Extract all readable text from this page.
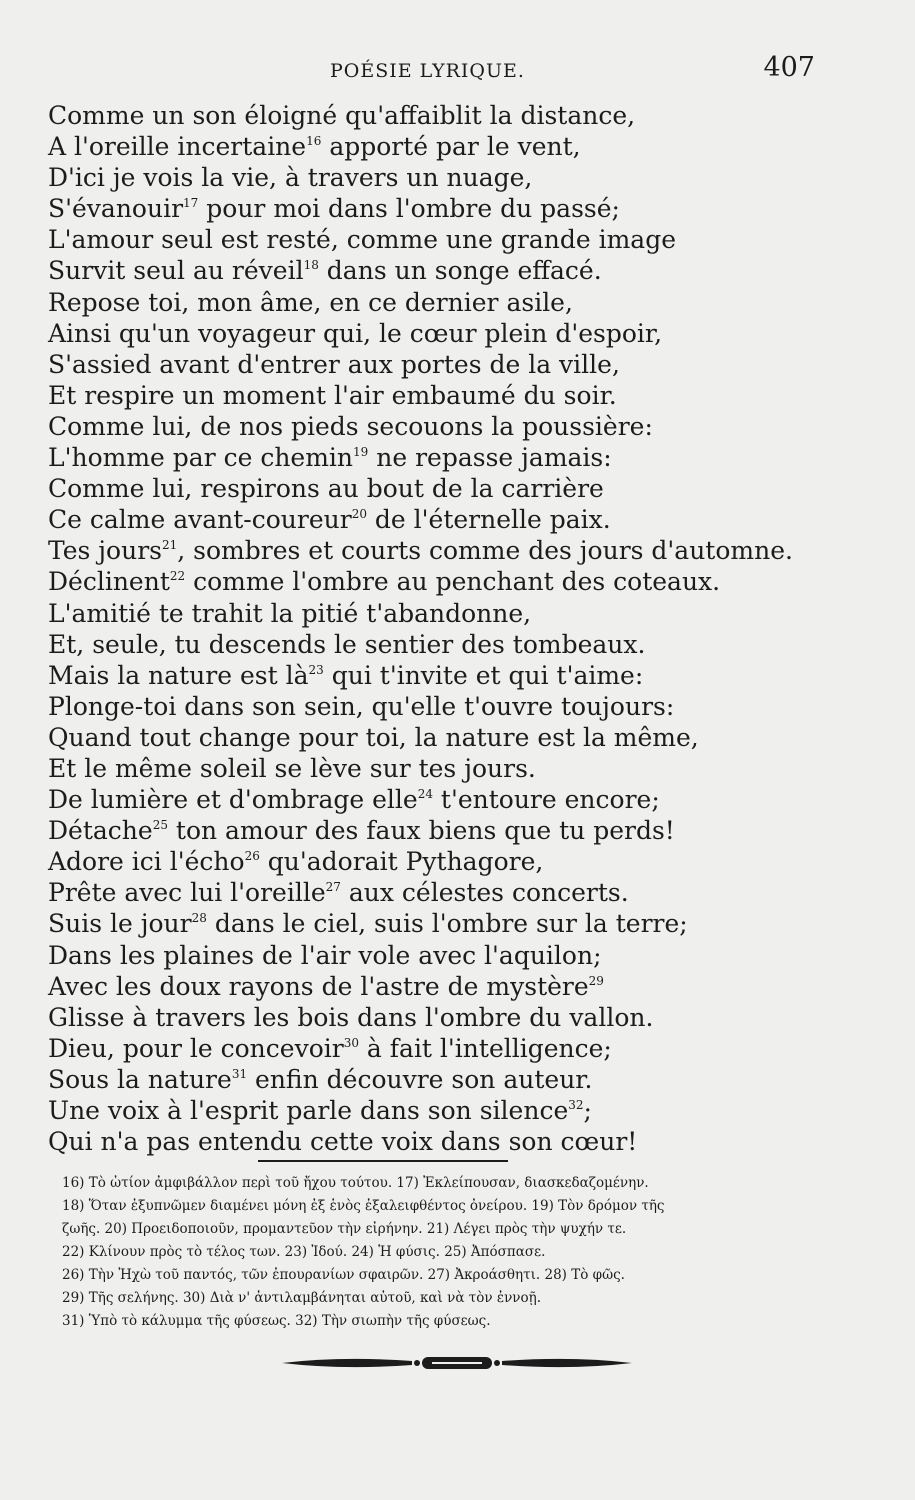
POÉSIE LYRIQUE.	407
Comme un son éloigné qu'affaiblit la distance,
A l'oreille incertaine$^{16}$ apporté par le vent,
D'ici je vois la vie, à travers un nuage,
S'évanouir$^{17}$ pour moi dans l'ombre du passé;
L'amour seul est resté, comme une grande image
Survit seul au réveil$^{18}$ dans un songe effacé.
Repose toi, mon âme, en ce dernier asile,
Ainsi qu'un voyageur qui, le cœur plein d'espoir,
S'assied avant d'entrer aux portes de la ville,
Et respire un moment l'air embaumé du soir.
Comme lui, de nos pieds secouons la poussière:
L'homme par ce chemin$^{19}$ ne repasse jamais:
Comme lui, respirons au bout de la carrière
Ce calme avant-coureur$^{20}$ de l'éternelle paix.
Tes jours$^{21}$, sombres et courts comme des jours d'automne.
Déclinent$^{22}$ comme l'ombre au penchant des coteaux.
L'amitié te trahit la pitié t'abandonne,
Et, seule, tu descends le sentier des tombeaux.
Mais la nature est $là^{23}$ qui t'invite et qui t'aime:
Plonge-toi dans son sein, qu'elle t'ouvre toujours:
Quand tout change pour toi, la nature est la même,
Et le même soleil se lève sur tes jours.
De lumière et d'ombrage elle$^{24}$ t'entoure encore;
Détache$^{25}$ ton amour des faux biens que tu perds!
Adore ici l'écho$^{26}$ qu'adorait Pythagore,
Prête avec lui l'oreille$^{27}$ aux célestes concerts.
Suis le jour$^{28}$ dans le ciel, suis l'ombre sur la terre;
Dans les plaines de l'air vole avec l'aquilon;
Avec les doux rayons de l'astre de mystère$^{29}$
Glisse à travers les bois dans l'ombre du vallon.
Dieu, pour le concevoir$^{30}$ à fait l'intelligence;
Sous la nature$^{31}$ enfin découvre son auteur.
Une voix à l'esprit parle dans son silence$^{32}$;
Qui n'a pas entendu cette voix dans son cœur!
16) Τὸ ὠτίον ἀμφιβάλλον περὶ τοῦ ἤχου τούτου. 17) Ἐκλείπουσαν, διασκεδαζομένην.
18) Ὅταν ἐξυπνῶμεν διαμένει μόνη ἐξ ἑνὸς ἐξαλειφθέντος ὀνείρου. 19) Τὸν δρόμον τῆς
ζωῆς. 20) Προειδοποιοῦν, προμαντεῦον τὴν εἰρήνην. 21) Λέγει πρὸς τὴν ψυχήν τε.
22) Κλίνουν πρὸς τὸ τέλος των. 23) Ἰδού. 24) Ἡ φύσις. 25) Ἀπόσπασε.
26) Τὴν Ἠχὼ τοῦ παντός, τῶν ἐπουρανίων σφαιρῶν. 27) Ἀκροάσθητι. 28) Τὸ φῶς.
29) Τῆς σελήνης. 30) Διὰ ν' ἀντιλαμβάνηται αὐτοῦ, καὶ νὰ τὸν ἐννοῇ.
31) Ὑπὸ τὸ κάλυμμα τῆς φύσεως. 32) Τὴν σιωπὴν τῆς φύσεως.
